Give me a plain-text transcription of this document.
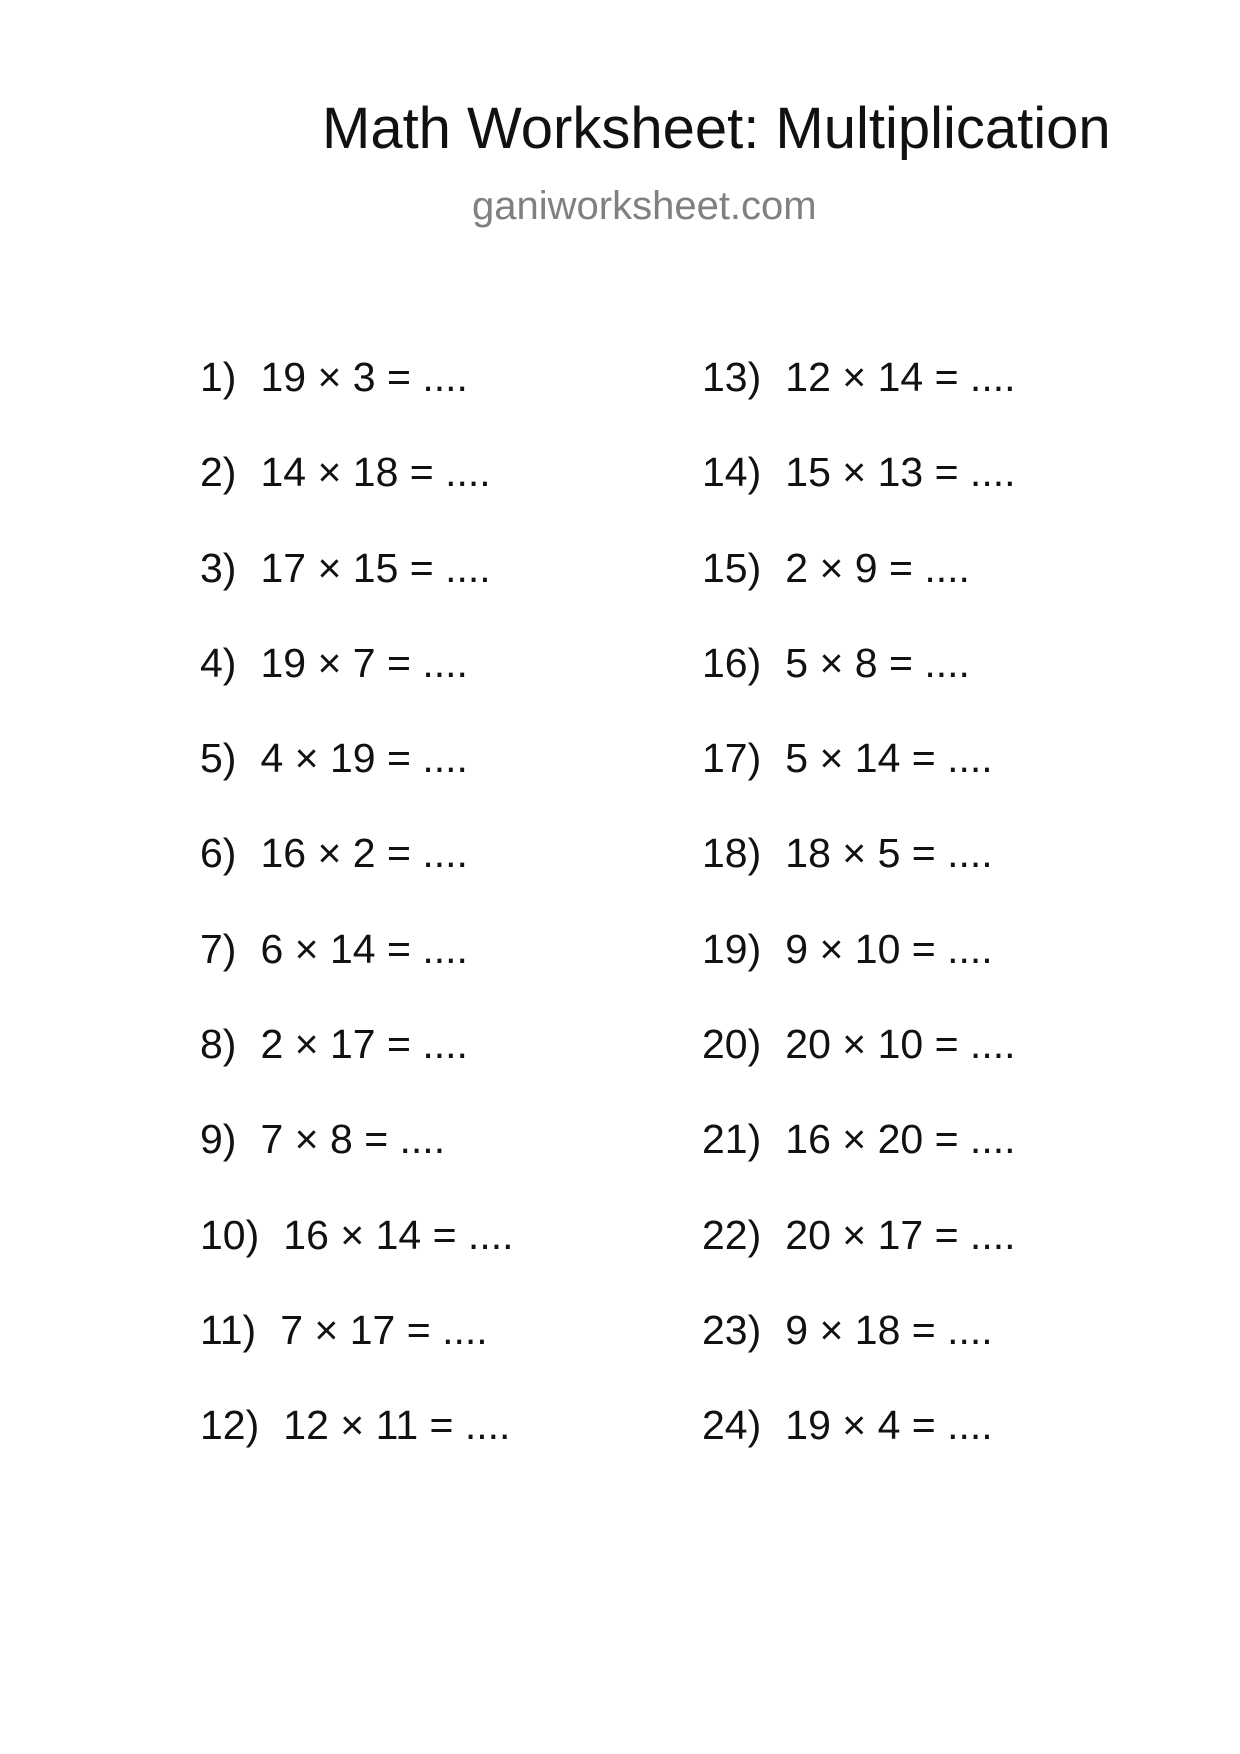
Math Worksheet: Multiplication
ganiworksheet.com
1) 19 × 3 = ....
2) 14 × 18 = ....
3) 17 × 15 = ....
4) 19 × 7 = ....
5) 4 × 19 = ....
6) 16 × 2 = ....
7) 6 × 14 = ....
8) 2 × 17 = ....
9) 7 × 8 = ....
10) 16 × 14 = ....
11) 7 × 17 = ....
12) 12 × 11 = ....
13) 12 × 14 = ....
14) 15 × 13 = ....
15) 2 × 9 = ....
16) 5 × 8 = ....
17) 5 × 14 = ....
18) 18 × 5 = ....
19) 9 × 10 = ....
20) 20 × 10 = ....
21) 16 × 20 = ....
22) 20 × 17 = ....
23) 9 × 18 = ....
24) 19 × 4 = ....
